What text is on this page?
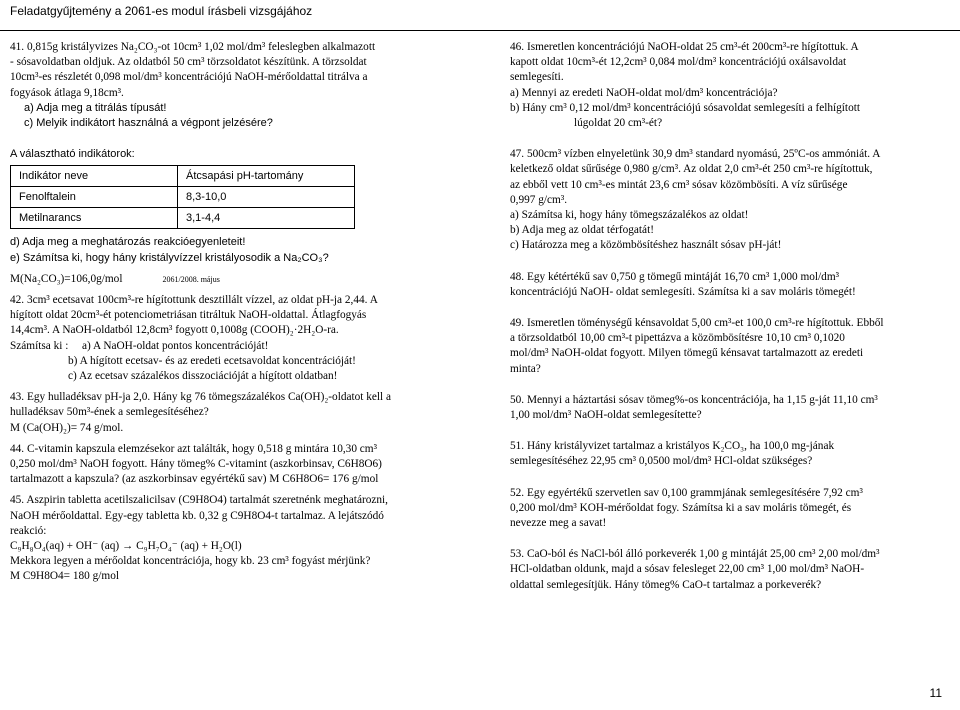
Feladatgyűjtemény a 2061-es modul írásbeli vizsgájához
41. 0,815g kristályvizes Na₂CO₃-ot 10cm³ 1,02 mol/dm³ feleslegben alkalmazott
- sósavoldatban oldjuk. Az oldatból 50 cm³ törzsoldatot készítünk. A törzsoldat
10cm³-es részletét 0,098 mol/dm³ koncentrációjú NaOH-mérőoldattal titrálva a
fogyások átlaga 9,18cm³.
a) Adja meg a titrálás típusát!
c) Melyik indikátort használná a végpont jelzésére?
A választható indikátorok:
Indikátor neve	Átcsapási pH-tartomány
Fenolftalein	8,3-10,0
Metilnarancs	3,1-4,4
d) Adja meg a meghatározás reakcióegyenleteit!
e) Számítsa ki, hogy hány kristályvízzel kristályosodik a Na₂CO₃?
M(Na₂CO₃)=106,0g/mol	2061/2008. május
42. 3cm³ ecetsavat 100cm³-re hígítottunk desztillált vízzel, az oldat pH-ja 2,44. A
hígított oldat 20cm³-ét potenciometriásan titráltuk NaOH-oldattal. Átlagfogyás
14,4cm³. A NaOH-oldatból 12,8cm³ fogyott 0,1008g (COOH)₂·2H₂O-ra.
Számítsa ki :	a) A NaOH-oldat pontos koncentrációját!
b) A hígított ecetsav- és az eredeti ecetsavoldat koncentrációját!
c) Az ecetsav százalékos disszociációját a hígított oldatban!
43. Egy hulladéksav pH-ja 2,0. Hány kg 76 tömegszázalékos Ca(OH)₂-oldatot kell a
hulladéksav 50m³-ének a semlegesítéséhez?
M (Ca(OH)₂)= 74 g/mol.
44. C-vitamin kapszula elemzésekor azt találták, hogy 0,518 g mintára 10,30 cm³
0,250 mol/dm³ NaOH fogyott. Hány tömeg% C-vitamint (aszkorbinsav, C6H8O6)
tartalmazott a kapszula? (az aszkorbinsav egyértékű sav) M C6H8O6= 176 g/mol
45. Aszpirin tabletta acetilszalicilsav (C9H8O4) tartalmát szeretnénk meghatározni,
NaOH mérőoldattal. Egy-egy tabletta kb. 0,32 g C9H8O4-t tartalmaz. A lejátszódó
reakció:
C₉H₈O₄(aq) + OH⁻ (aq) → C₉H₇O₄⁻ (aq) + H₂O(l)
Mekkora legyen a mérőoldat koncentrációja, hogy kb. 23 cm³ fogyást mérjünk?
M C9H8O4= 180 g/mol
46. Ismeretlen koncentrációjú NaOH-oldat 25 cm³-ét 200cm³-re hígítottuk. A
kapott oldat 10cm³-ét 12,2cm³ 0,084 mol/dm³ koncentrációjú oxálsavoldat
semlegesíti.
a) Mennyi az eredeti NaOH-oldat mol/dm³ koncentrációja?
b) Hány cm³ 0,12 mol/dm³ koncentrációjú sósavoldat semlegesíti a felhígított
lúgoldat 20 cm³-ét?
47. 500cm³ vízben elnyeletünk 30,9 dm³ standard nyomású, 25ºC-os ammóniát. A
keletkező oldat sűrűsége 0,980 g/cm³. Az oldat 2,0 cm³-ét 250 cm³-re hígítottuk,
az ebből vett 10 cm³-es mintát 23,6 cm³ sósav közömbösíti. A víz sűrűsége
0,997 g/cm³.
a) Számítsa ki, hogy hány tömegszázalékos az oldat!
b) Adja meg az oldat térfogatát!
c) Határozza meg a közömbösítéshez használt sósav pH-ját!
48. Egy kétértékű sav 0,750 g tömegű mintáját 16,70 cm³ 1,000 mol/dm³
koncentrációjú NaOH- oldat semlegesíti. Számítsa ki a sav moláris tömegét!
49. Ismeretlen töménységű kénsavoldat 5,00 cm³-et 100,0 cm³-re hígítottuk. Ebből
a törzsoldatból 10,00 cm³-t pipettázva a közömbösítésre 10,10 cm³ 0,1020
mol/dm³ NaOH-oldat fogyott. Milyen tömegű kénsavat tartalmazott az eredeti
minta?
50. Mennyi a háztartási sósav tömeg%-os koncentrációja, ha 1,15 g-ját 11,10 cm³
1,00 mol/dm³ NaOH-oldat semlegesítette?
51. Hány kristályvizet tartalmaz a kristályos K₂CO₃, ha 100,0 mg-jának
semlegesítéséhez 22,95 cm³ 0,0500 mol/dm³ HCl-oldat szükséges?
52. Egy egyértékű szervetlen sav 0,100 grammjának semlegesítésére 7,92 cm³
0,200 mol/dm³ KOH-mérőoldat fogy. Számítsa ki a sav moláris tömegét, és
nevezze meg a savat!
53. CaO-ból és NaCl-ból álló porkeverék 1,00 g mintáját 25,00 cm³ 2,00 mol/dm³
HCl-oldatban oldunk, majd a sósav felesleget 22,00 cm³ 1,00 mol/dm³ NaOH-
oldattal semlegesítjük. Hány tömeg% CaO-t tartalmaz a porkeverék?
11
